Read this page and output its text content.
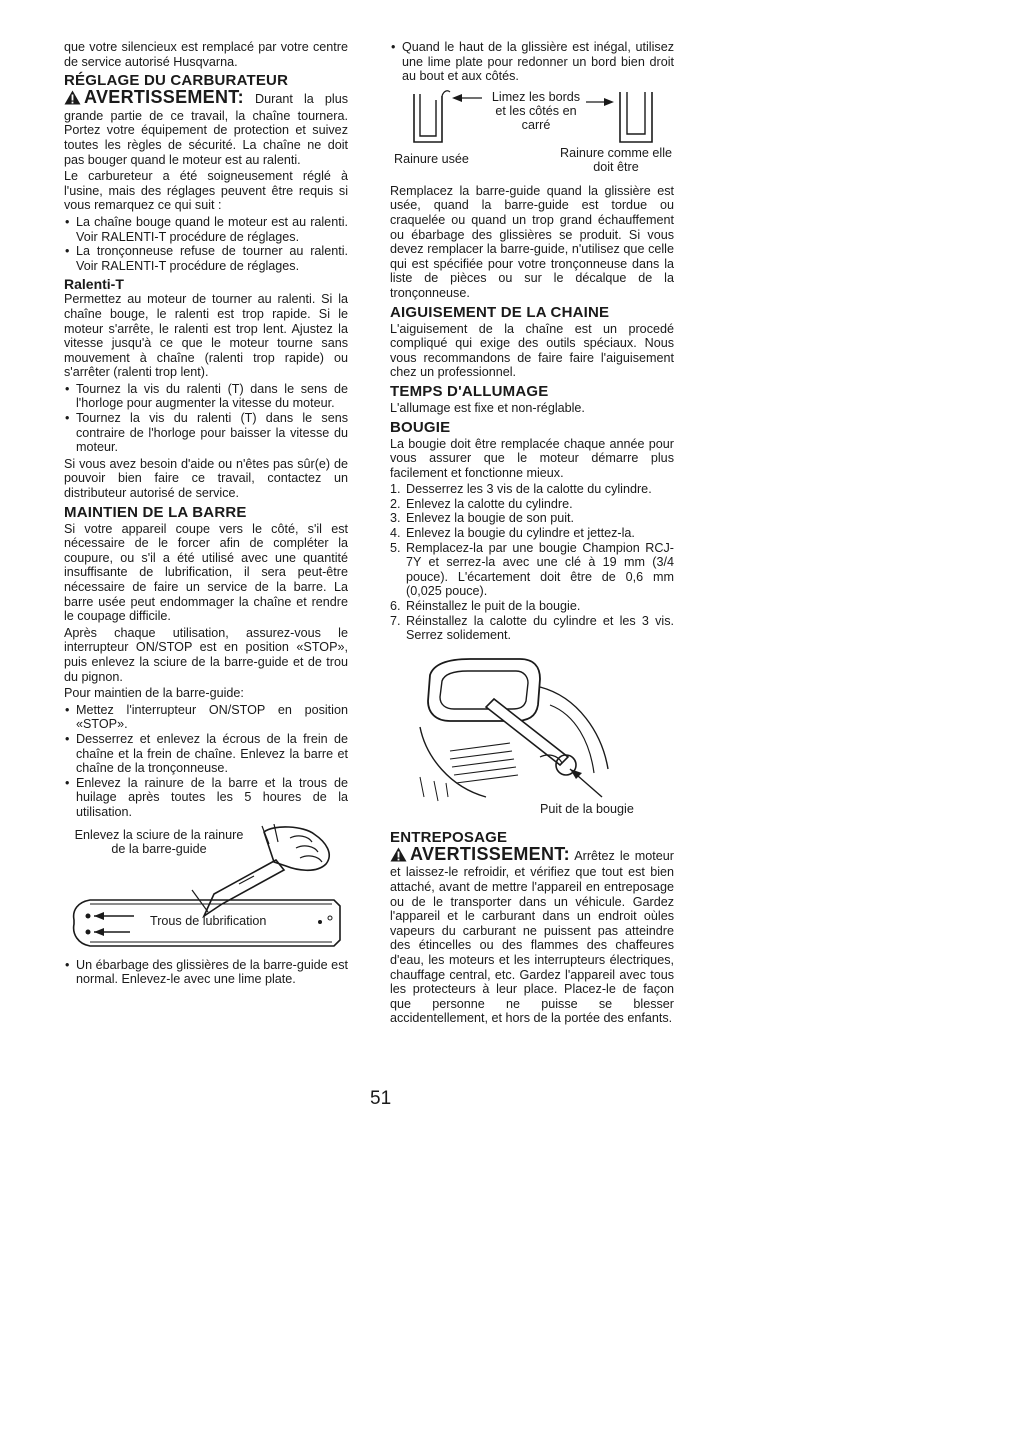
que votre silencieux est remplacé par votre centre de service autorisé Husqvarna.

RÉGLAGE DU CARBURATEUR

AVERTISSEMENT: Durant la plus grande partie de ce travail, la chaîne tournera. Portez votre équipement de protection et suivez toutes les règles de sécurité. La chaîne ne doit pas bouger quand le moteur est au ralenti.

Le carbureteur a été soigneusement réglé à l'usine, mais des réglages peuvent être requis si vous remarquez ce qui suit :

• La chaîne bouge quand le moteur est au ralenti. Voir RALENTI-T procédure de réglages.
• La tronçonneuse refuse de tourner au ralenti. Voir RALENTI-T procédure de réglages.
Ralenti-T

Permettez au moteur de tourner au ralenti. Si la chaîne bouge, le ralenti est trop rapide. Si le moteur s'arrête, le ralenti est trop lent. Ajustez la vitesse jusqu'à ce que le moteur tourne sans mouvement à chaîne (ralenti trop rapide) ou s'arrêter (ralenti trop lent).

• Tournez la vis du ralenti (T) dans le sens de l'horloge pour augmenter la vitesse du moteur.
• Tournez la vis du ralenti (T) dans le sens contraire de l'horloge pour baisser la vitesse du moteur.

Si vous avez besoin d'aide ou n'êtes pas sûr(e) de pouvoir bien faire ce travail, contactez un distributeur autorisé de service.

MAINTIEN DE LA BARRE

Si votre appareil coupe vers le côté, s'il est nécessaire de le forcer afin de compléter la coupure, ou s'il a été utilisé avec une quantité insuffisante de lubrification, il sera peut-être nécessaire de faire un service de la barre. La barre usée peut endommager la chaîne et rendre le coupage difficile.

Après chaque utilisation, assurez-vous le interrupteur ON/STOP est en position «STOP», puis enlevez la sciure de la barre-guide et de trou du pignon.

Pour maintien de la barre-guide:

• Mettez l'interrupteur ON/STOP en position «STOP».
• Desserrez et enlevez la écrous de la frein de chaîne et la frein de chaîne. Enlevez la barre et chaîne de la tronçonneuse.
• Enlevez la rainure de la barre et la trous de huilage après toutes les 5 houres de la utilisation.
Enlevez la sciure de la rainure de la barre-guide
Trous de lubrification
• Un ébarbage des glissières de la barre-guide est normal. Enlevez-le avec une lime plate.
• Quand le haut de la glissière est inégal, utilisez une lime plate pour redonner un bord bien droit au bout et aux côtés.
Limez les bords et les côtés en carré
Rainure usée	Rainure comme elle doit être

Remplacez la barre-guide quand la glissière est usée, quand la barre-guide est tordue ou craquelée ou quand un trop grand échauffement ou ébarbage des glissières se produit. Si vous devez remplacer la barre-guide, n'utilisez que celle qui est spécifiée pour votre tronçonneuse dans la liste de pièces ou sur le décalque de la tronçonneuse.

AIGUISEMENT DE LA CHAINE

L'aiguisement de la chaîne est un procedé compliqué qui exige des outils spéciaux. Nous vous recommandons de faire faire l'aiguisement chez un professionnel.

TEMPS D'ALLUMAGE

L'allumage est fixe et non-réglable.

BOUGIE

La bougie doit être remplacée chaque année pour vous assurer que le moteur démarre plus facilement et fonctionne mieux.

1. Desserrez les 3 vis de la calotte du cylindre.
2. Enlevez la calotte du cylindre.
3. Enlevez la bougie de son puit.
4. Enlevez la bougie du cylindre et jettez-la.
5. Remplacez-la par une bougie Champion RCJ-7Y et serrez-la avec une clé à 19 mm (3/4 pouce). L'écartement doit être de 0,6 mm (0,025 pouce).
6. Réinstallez le puit de la bougie.
7. Réinstallez la calotte du cylindre et les 3 vis. Serrez solidement.
Puit de la bougie
ENTREPOSAGE

AVERTISSEMENT: Arrêtez le moteur et laissez-le refroidir, et vérifiez que tout est bien attaché, avant de mettre l'appareil en entreposage ou de le transporter dans un véhicule. Gardez l'appareil et le carburant dans un endroit oùles vapeurs du carburant ne puissent pas atteindre des étincelles ou des flammes des chaffeures d'eau, les moteurs et les interrupteurs électriques, chauffage central, etc. Gardez l'appareil avec tous les protecteurs à leur place. Placez-le de façon que personne ne puisse se blesser accidentellement, et hors de la portée des enfants.

51
